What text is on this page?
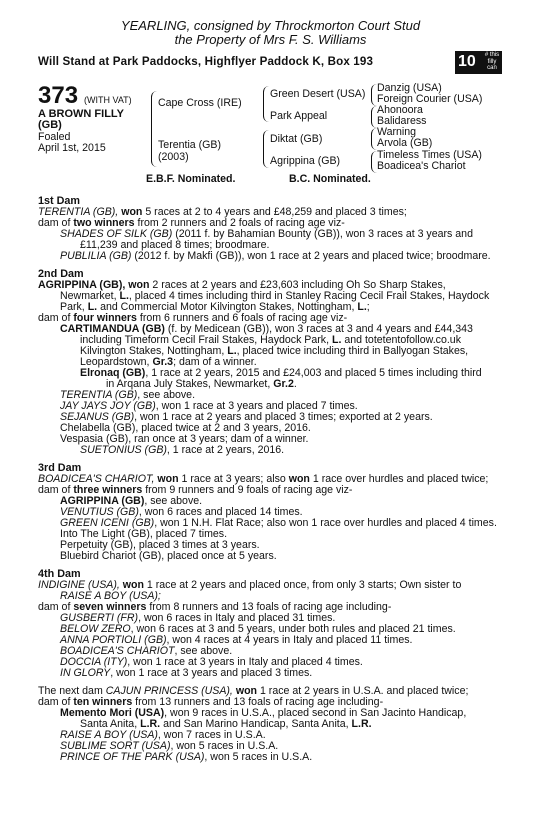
YEARLING, consigned by Throckmorton Court Stud
the Property of Mrs F. S. Williams
Will Stand at Park Paddocks, Highflyer Paddock K, Box 193	10	# this filly can
373 (WITH VAT)
A BROWN FILLY
(GB)
Foaled
April 1st, 2015
Cape Cross (IRE)
Terentia (GB)
(2003)
Green Desert (USA)
Park Appeal
Diktat (GB)
Agrippina (GB)
Danzig (USA)
Foreign Courier (USA)
Ahonoora
Balidaress
Warning
Arvola (GB)
Timeless Times (USA)
Boadicea's Chariot
E.B.F. Nominated.	B.C. Nominated.
1st Dam
TERENTIA (GB), won 5 races at 2 to 4 years and £48,259 and placed 3 times;
dam of two winners from 2 runners and 2 foals of racing age viz-
SHADES OF SILK (GB) (2011 f. by Bahamian Bounty (GB)), won 3 races at 3 years and
£11,239 and placed 8 times; broodmare.
PUBLILIA (GB) (2012 f. by Makfi (GB)), won 1 race at 2 years and placed twice; broodmare.
2nd Dam
AGRIPPINA (GB), won 2 races at 2 years and £23,603 including Oh So Sharp Stakes,
Newmarket, L., placed 4 times including third in Stanley Racing Cecil Frail Stakes, Haydock
Park, L. and Commercial Motor Kilvington Stakes, Nottingham, L.;
dam of four winners from 6 runners and 6 foals of racing age viz-
CARTIMANDUA (GB) (f. by Medicean (GB)), won 3 races at 3 and 4 years and £44,343
including Timeform Cecil Frail Stakes, Haydock Park, L. and totetentofollow.co.uk
Kilvington Stakes, Nottingham, L., placed twice including third in Ballyogan Stakes,
Leopardstown, Gr.3; dam of a winner.
Elronaq (GB), 1 race at 2 years, 2015 and £24,003 and placed 5 times including third
in Arqana July Stakes, Newmarket, Gr.2.
TERENTIA (GB), see above.
JAY JAYS JOY (GB), won 1 race at 3 years and placed 7 times.
SEJANUS (GB), won 1 race at 2 years and placed 3 times; exported at 2 years.
Chelabella (GB), placed twice at 2 and 3 years, 2016.
Vespasia (GB), ran once at 3 years; dam of a winner.
SUETONIUS (GB), 1 race at 2 years, 2016.
3rd Dam
BOADICEA'S CHARIOT, won 1 race at 3 years; also won 1 race over hurdles and placed twice;
dam of three winners from 9 runners and 9 foals of racing age viz-
AGRIPPINA (GB), see above.
VENUTIUS (GB), won 6 races and placed 14 times.
GREEN ICENI (GB), won 1 N.H. Flat Race; also won 1 race over hurdles and placed 4 times.
Into The Light (GB), placed 7 times.
Perpetuity (GB), placed 3 times at 3 years.
Bluebird Chariot (GB), placed once at 5 years.
4th Dam
INDIGINE (USA), won 1 race at 2 years and placed once, from only 3 starts; Own sister to
RAISE A BOY (USA);
dam of seven winners from 8 runners and 13 foals of racing age including-
GUSBERTI (FR), won 6 races in Italy and placed 31 times.
BELOW ZERO, won 6 races at 3 and 5 years, under both rules and placed 21 times.
ANNA PORTIOLI (GB), won 4 races at 4 years in Italy and placed 11 times.
BOADICEA'S CHARIOT, see above.
DOCCIA (ITY), won 1 race at 3 years in Italy and placed 4 times.
IN GLORY, won 1 race at 3 years and placed 3 times.
The next dam CAJUN PRINCESS (USA), won 1 race at 2 years in U.S.A. and placed twice;
dam of ten winners from 13 runners and 13 foals of racing age including-
Memento Mori (USA), won 9 races in U.S.A., placed second in San Jacinto Handicap,
Santa Anita, L.R. and San Marino Handicap, Santa Anita, L.R.
RAISE A BOY (USA), won 7 races in U.S.A.
SUBLIME SORT (USA), won 5 races in U.S.A.
PRINCE OF THE PARK (USA), won 5 races in U.S.A.
